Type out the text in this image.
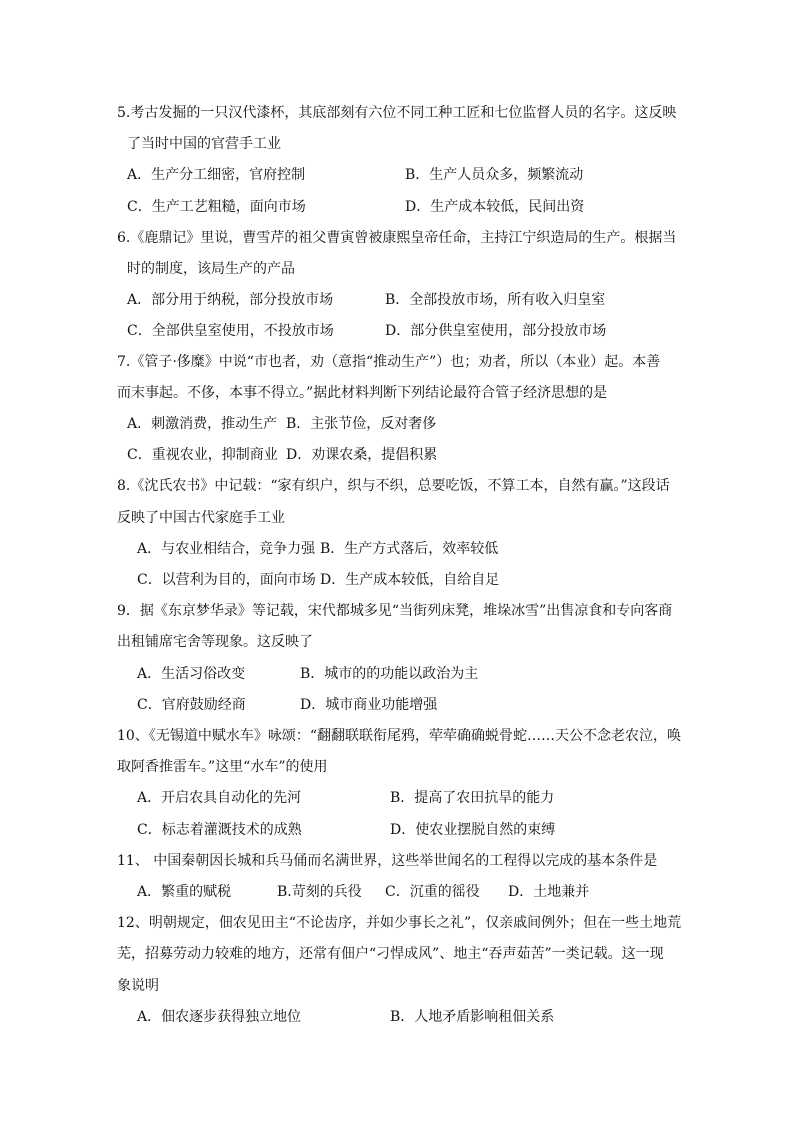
5.考古发掘的一只汉代漆杯，其底部刻有六位不同工种工匠和七位监督人员的名字。这反映
了当时中国的官营手工业
A．生产分工细密，官府控制	B．生产人员众多，频繁流动
C．生产工艺粗糙，面向市场	D．生产成本较低，民间出资
6.《鹿鼎记》里说，曹雪芹的祖父曹寅曾被康熙皇帝任命，主持江宁织造局的生产。根据当
时的制度，该局生产的产品
A．部分用于纳税，部分投放市场	B．全部投放市场，所有收入归皇室
C．全部供皇室使用，不投放市场	D．部分供皇室使用，部分投放市场
7.《管子·侈糜》中说“市也者，劝（意指“推动生产”）也；劝者，所以（本业）起。本善
而末事起。不侈，本事不得立。”据此材料判断下列结论最符合管子经济思想的是
A．刺激消费，推动生产 B．主张节俭，反对奢侈
C．重视农业，抑制商业 D．劝课农桑，提倡积累
8.《沈氏农书》中记载：“家有织户，织与不织，总要吃饭，不算工本，自然有赢。”这段话
反映了中国古代家庭手工业
A．与农业相结合，竞争力强 B．生产方式落后，效率较低
C．以营利为目的，面向市场 D．生产成本较低，自给自足
9．据《东京梦华录》等记载，宋代都城多见“当街列床凳，堆垛冰雪”出售凉食和专向客商
出租铺席宅舍等现象。这反映了
A．生活习俗改变	B．城市的的功能以政治为主
C．官府鼓励经商	D．城市商业功能增强
10、《无锡道中赋水车》咏颂：“翻翻联联衔尾鸦，荦荦确确蜕骨蛇……天公不念老农泣，唤
取阿香推雷车。”这里“水车”的使用
A．开启农具自动化的先河	B．提高了农田抗旱的能力
C．标志着灌溉技术的成熟	D．使农业摆脱自然的束缚
11、 中国秦朝因长城和兵马俑而名满世界，这些举世闻名的工程得以完成的基本条件是
A．繁重的赋税	B.苛刻的兵役 C．沉重的徭役 D．土地兼并
12、明朝规定，佃农见田主“不论齿序，并如少事长之礼”，仅亲戚间例外；但在一些土地荒
芜，招募劳动力较难的地方，还常有佃户“刁悍成风”、地主“吞声茹苦”一类记载。这一现
象说明
A．佃农逐步获得独立地位	B．人地矛盾影响租佃关系
